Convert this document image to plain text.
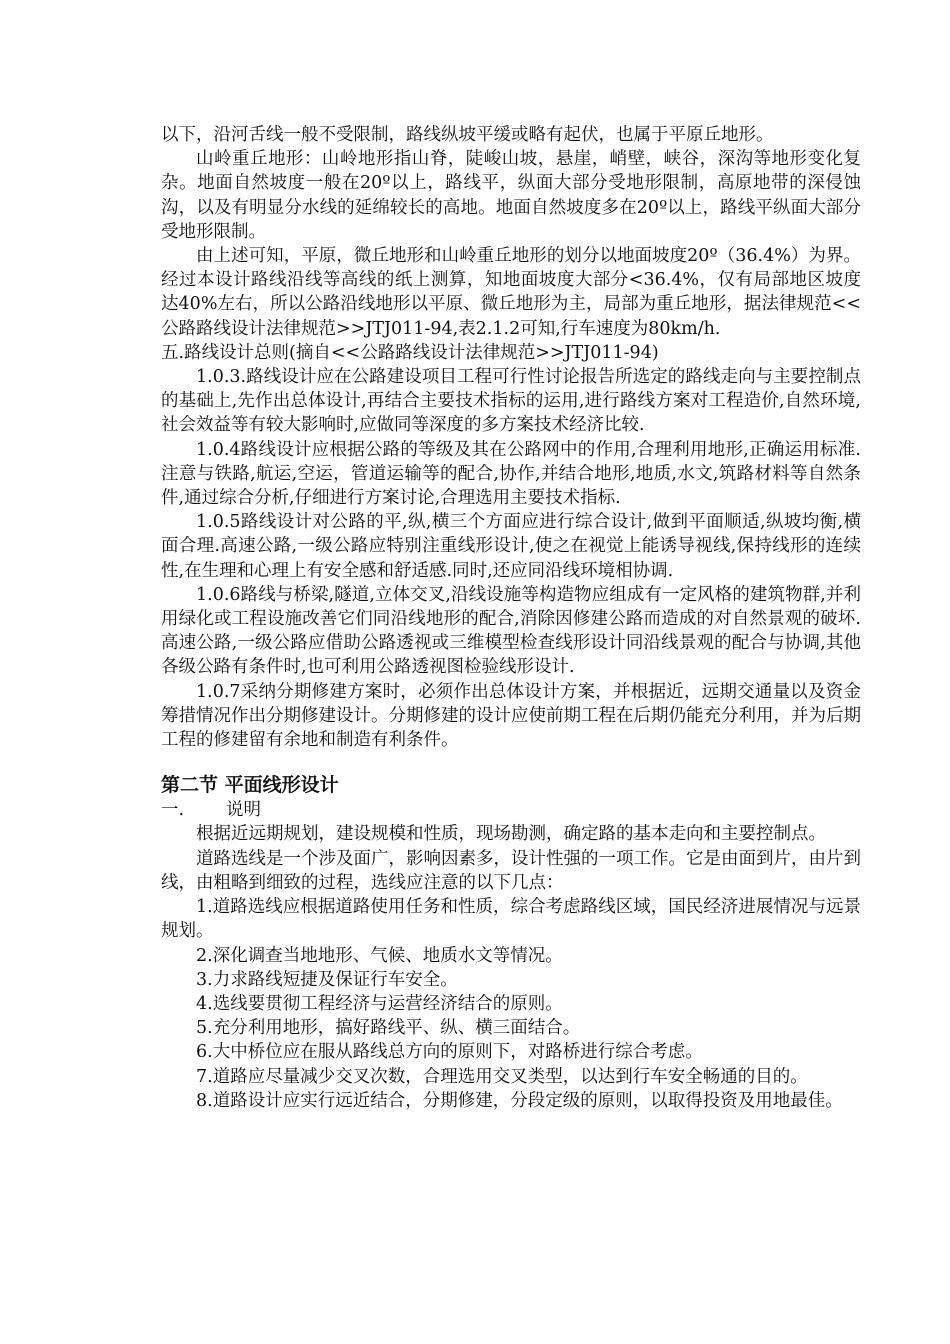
以下，沿河舌线一般不受限制，路线纵坡平缓或略有起伏，也属于平原丘地形。

山岭重丘地形：山岭地形指山脊，陡峻山坡，悬崖，峭壁，峡谷，深沟等地形变化复杂。地面自然坡度一般在20º以上，路线平，纵面大部分受地形限制，高原地带的深侵蚀沟，以及有明显分水线的延绵较长的高地。地面自然坡度多在20º以上，路线平纵面大部分受地形限制。

由上述可知，平原，微丘地形和山岭重丘地形的划分以地面坡度20º（36.4%）为界。经过本设计路线沿线等高线的纸上测算，知地面坡度大部分<36.4%，仅有局部地区坡度达40%左右，所以公路沿线地形以平原、微丘地形为主，局部为重丘地形，据法律规范<<公路路线设计法律规范>>JTJ011-94,表2.1.2可知,行车速度为80km/h.

五.路线设计总则(摘自<<公路路线设计法律规范>>JTJ011-94)

1.0.3.路线设计应在公路建设项目工程可行性讨论报告所选定的路线走向与主要控制点的基础上,先作出总体设计,再结合主要技术指标的运用,进行路线方案对工程造价,自然环境,社会效益等有较大影响时,应做同等深度的多方案技术经济比较.

1.0.4路线设计应根据公路的等级及其在公路网中的作用,合理利用地形,正确运用标准.注意与铁路,航运,空运，管道运输等的配合,协作,并结合地形,地质,水文,筑路材料等自然条件,通过综合分析,仔细进行方案讨论,合理选用主要技术指标.

1.0.5路线设计对公路的平,纵,横三个方面应进行综合设计,做到平面顺适,纵坡均衡,横面合理.高速公路,一级公路应特别注重线形设计,使之在视觉上能诱导视线,保持线形的连续性,在生理和心理上有安全感和舒适感.同时,还应同沿线环境相协调.

1.0.6路线与桥梁,隧道,立体交叉,沿线设施等构造物应组成有一定风格的建筑物群,并利用绿化或工程设施改善它们同沿线地形的配合,消除因修建公路而造成的对自然景观的破坏.高速公路,一级公路应借助公路透视或三维模型检查线形设计同沿线景观的配合与协调,其他各级公路有条件时,也可利用公路透视图检验线形设计.

1.0.7采纳分期修建方案时，必须作出总体设计方案，并根据近，远期交通量以及资金筹措情况作出分期修建设计。分期修建的设计应使前期工程在后期仍能充分利用，并为后期工程的修建留有余地和制造有利条件。

第二节 平面线形设计

一. 说明

根据近远期规划，建设规模和性质，现场勘测，确定路的基本走向和主要控制点。

道路选线是一个涉及面广，影响因素多，设计性强的一项工作。它是由面到片，由片到线，由粗略到细致的过程，选线应注意的以下几点：

1.道路选线应根据道路使用任务和性质，综合考虑路线区域，国民经济进展情况与远景规划。

2.深化调查当地地形、气候、地质水文等情况。

3.力求路线短捷及保证行车安全。

4.选线要贯彻工程经济与运营经济结合的原则。

5.充分利用地形，搞好路线平、纵、横三面结合。

6.大中桥位应在服从路线总方向的原则下，对路桥进行综合考虑。

7.道路应尽量减少交叉次数，合理选用交叉类型，以达到行车安全畅通的目的。

8.道路设计应实行远近结合，分期修建，分段定级的原则，以取得投资及用地最佳。
